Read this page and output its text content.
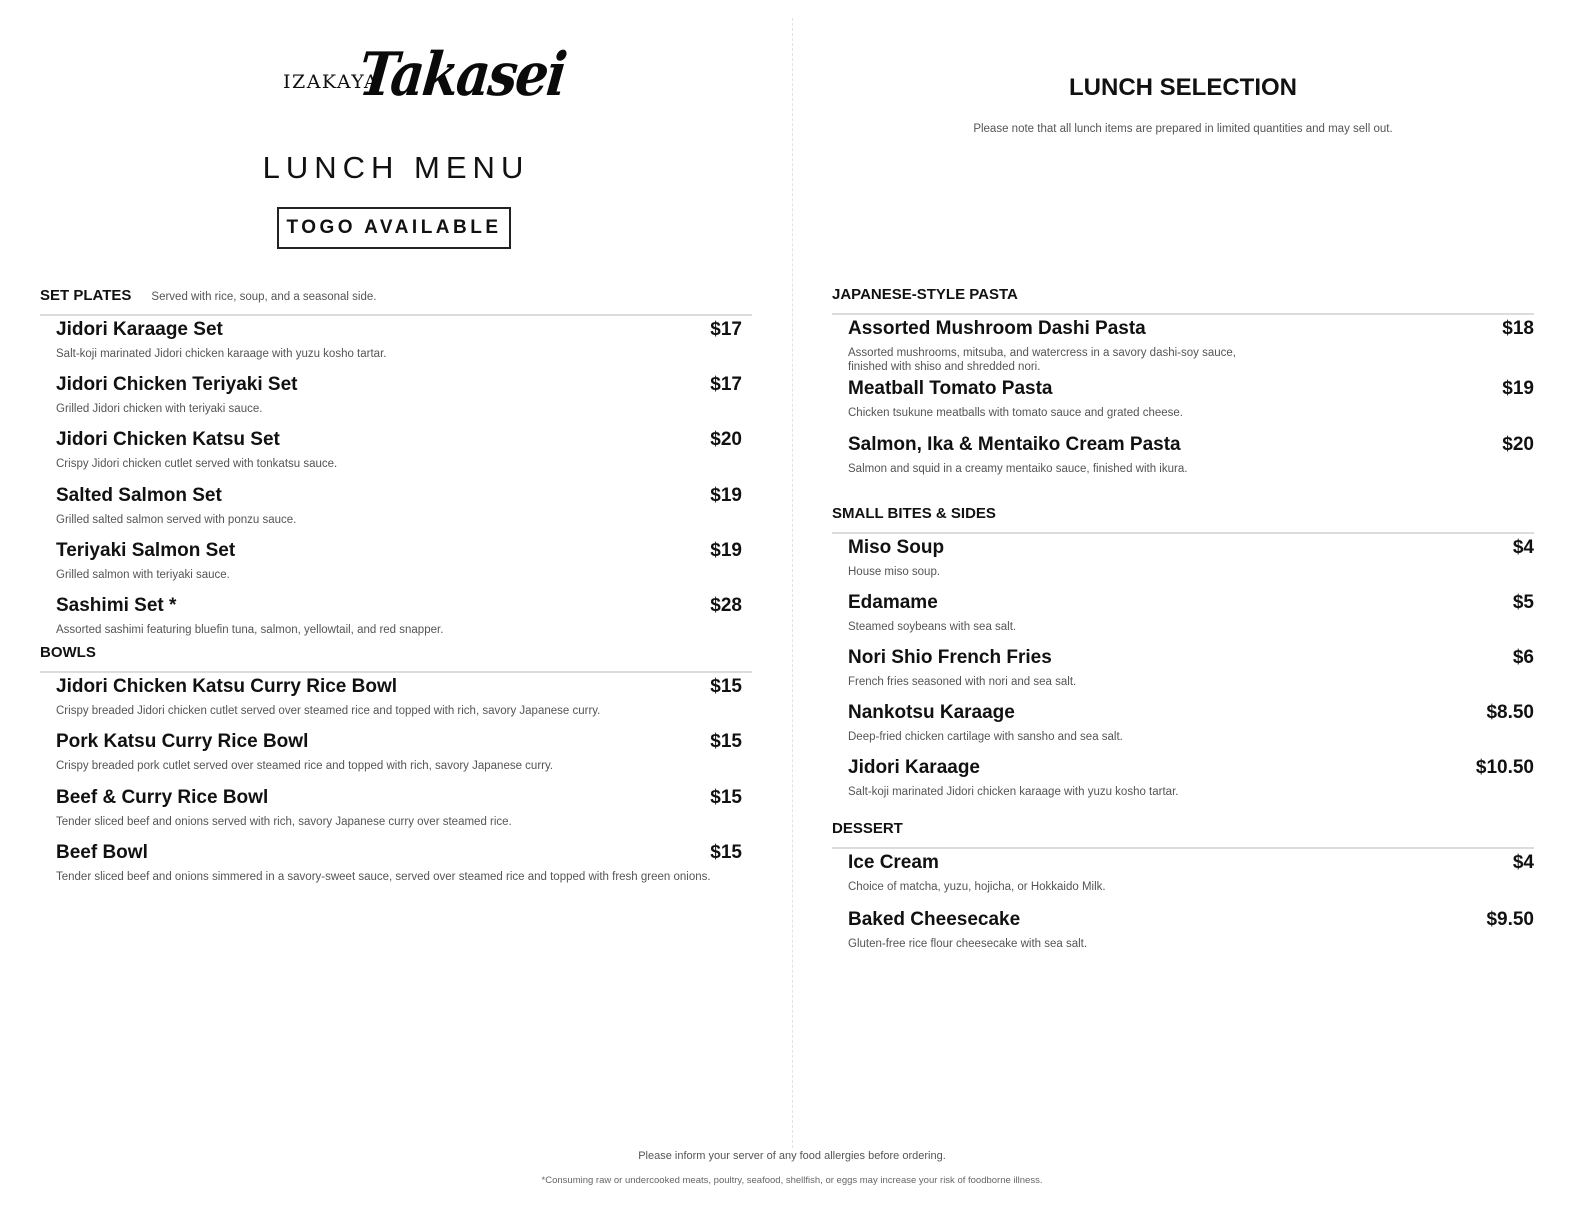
IZAKAYA
Takasei
LUNCH MENU
TOGO AVAILABLE
SET PLATES Served with rice, soup, and a seasonal side.
Jidori Karaage Set	$17
Salt-koji marinated Jidori chicken karaage with yuzu kosho tartar.
Jidori Chicken Teriyaki Set	$17
Grilled Jidori chicken with teriyaki sauce.
Jidori Chicken Katsu Set	$20
Crispy Jidori chicken cutlet served with tonkatsu sauce.
Salted Salmon Set	$19
Grilled salted salmon served with ponzu sauce.
Teriyaki Salmon Set	$19
Grilled salmon with teriyaki sauce.
Sashimi Set *	$28
Assorted sashimi featuring bluefin tuna, salmon, yellowtail, and red snapper.
BOWLS
Jidori Chicken Katsu Curry Rice Bowl	$15
Crispy breaded Jidori chicken cutlet served over steamed rice and topped with rich, savory Japanese curry.
Pork Katsu Curry Rice Bowl	$15
Crispy breaded pork cutlet served over steamed rice and topped with rich, savory Japanese curry.
Beef & Curry Rice Bowl	$15
Tender sliced beef and onions served with rich, savory Japanese curry over steamed rice.
Beef Bowl	$15
Tender sliced beef and onions simmered in a savory-sweet sauce, served over steamed rice and topped with fresh green onions.
LUNCH SELECTION
Please note that all lunch items are prepared in limited quantities and may sell out.
JAPANESE-STYLE PASTA
Assorted Mushroom Dashi Pasta	$18
Assorted mushrooms, mitsuba, and watercress in a savory dashi-soy sauce, finished with shiso and shredded nori.
Meatball Tomato Pasta	$19
Chicken tsukune meatballs with tomato sauce and grated cheese.
Salmon, Ika & Mentaiko Cream Pasta	$20
Salmon and squid in a creamy mentaiko sauce, finished with ikura.
SMALL BITES & SIDES
Miso Soup	$4
House miso soup.
Edamame	$5
Steamed soybeans with sea salt.
Nori Shio French Fries	$6
French fries seasoned with nori and sea salt.
Nankotsu Karaage	$8.50
Deep-fried chicken cartilage with sansho and sea salt.
Jidori Karaage	$10.50
Salt-koji marinated Jidori chicken karaage with yuzu kosho tartar.
DESSERT
Ice Cream	$4
Choice of matcha, yuzu, hojicha, or Hokkaido Milk.
Baked Cheesecake	$9.50
Gluten-free rice flour cheesecake with sea salt.
Please inform your server of any food allergies before ordering.
*Consuming raw or undercooked meats, poultry, seafood, shellfish, or eggs may increase your risk of foodborne illness.
